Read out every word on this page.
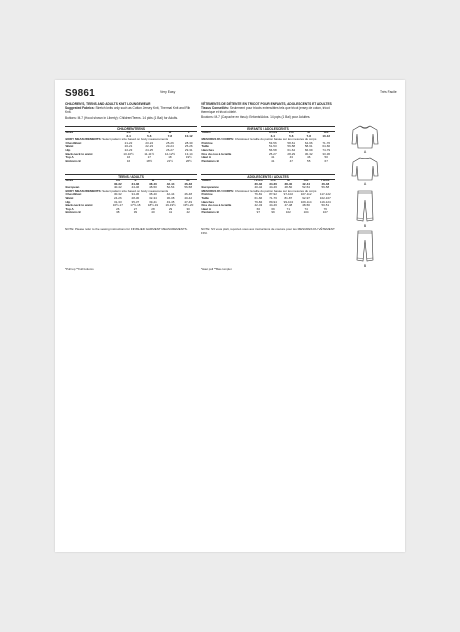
S9861	Very Easy	Très Facile

CHILDREN'S, TEENS AND ADULTS KNIT LOUNGEWEAR

Suggested Fabrics: Stretch knits only such as Cotton Jersey Knit, Thermal Knit and Rib Knit.

Buttons: M-7 (Hood shown in Liberty): Children/Teens. 14 pkts (1 Bal) for Adults.

CHILDREN/TEENS
Sizes	XS	S	M	L
	3-4	5-6	7-8	10-12
BODY MEASUREMENTS: Select pattern size based on body measurements				
Chest/Bust	21-22	23-24	25-26	28-30
Waist	20-21	22-23	23-24	25-26
Hip	22-23	24-25	26-27	29-31
Back-neck to waist	10-10½	11-11½	12-12½	13-14
Top A	16	17	18	19½
Bottoms B	16	18½	21½	26½
TEENS / ADULTS
Sizes	XS	S	M	L	XL
	30-32	34-36	38-40	42-44	46-48
European	40-42	44-46	48-50	52-54	56-58
BODY MEASUREMENTS: Select pattern size based on body measurements					
Chest/Bust	30-32	34-36	38-40	42-44	46-48
Waist	24-26	28-30	32-34	36-38	40-42
Hip	31-33	35-37	39-41	43-45	47-49
Back-neck to waist	16½-17	17½-18	18½-19	19-19½	19½-20
Top A	26	27	28	29	30
Bottoms B	38	39	40	41	42
NOTE: Please refer to the sewing instructions for FINISHED GARMENT MEASUREMENTS.
*Pull top **Full bottoms

VÊTEMENTS DE DÉTENTE EN TRICOT POUR ENFANTS, ADOLESCENTS ET ADULTES

Tissus Conseillés: Seulement pour tricots extensibles tels que tricot jersey de coton, tricot thermique et tricot côtelé.

Boutons: M-7 (Capuche en tissu): Enfants/Ados. 14 pqts (1 Bal) pour Adultes.

ENFANTS / ADOLESCENTS
Tailles	TP/XS	P/S	M	G/L
	3-4	5-6	7-8	10-12
MESURES DU CORPS: Choisissez la taille du patron basée sur les mesures du corps				
Poitrine	53-56	58-61	64-66	71-76
Taille	51-53	56-58	58-61	64-66
Hanches	56-58	61-64	66-69	74-79
Dos du cou à la taille	25-27	28-29	30-32	33-36
Haut A	41	43	46	50
Pantalons B	41	47	55	67
ADOLESCENTS / ADULTES
Tailles	TP/XS	P/S	M	G/L	TG/XL
	30-32	34-36	38-40	42-44	46-48
Européenne	40-42	44-46	48-50	52-54	56-58
MESURES DU CORPS: Choisissez la taille du patron basée sur les mesures du corps					
Poitrine	76-81	87-92	97-102	107-112	117-122
Taille	61-66	71-76	81-87	92-97	102-107
Hanches	79-84	89-94	99-104	109-114	119-124
Dos du cou à la taille	42-43	44-46	47-48	48-50	50-51
Haut A	66	69	71	74	76
Pantalons B	97	99	102	104	107
NOTE: S'il vous plaît, reportez-vous aux instructions de couture pour les MESURES DU VÊTEMENT FINI.
*Haut pull **Bas complet
A
A
B
B
